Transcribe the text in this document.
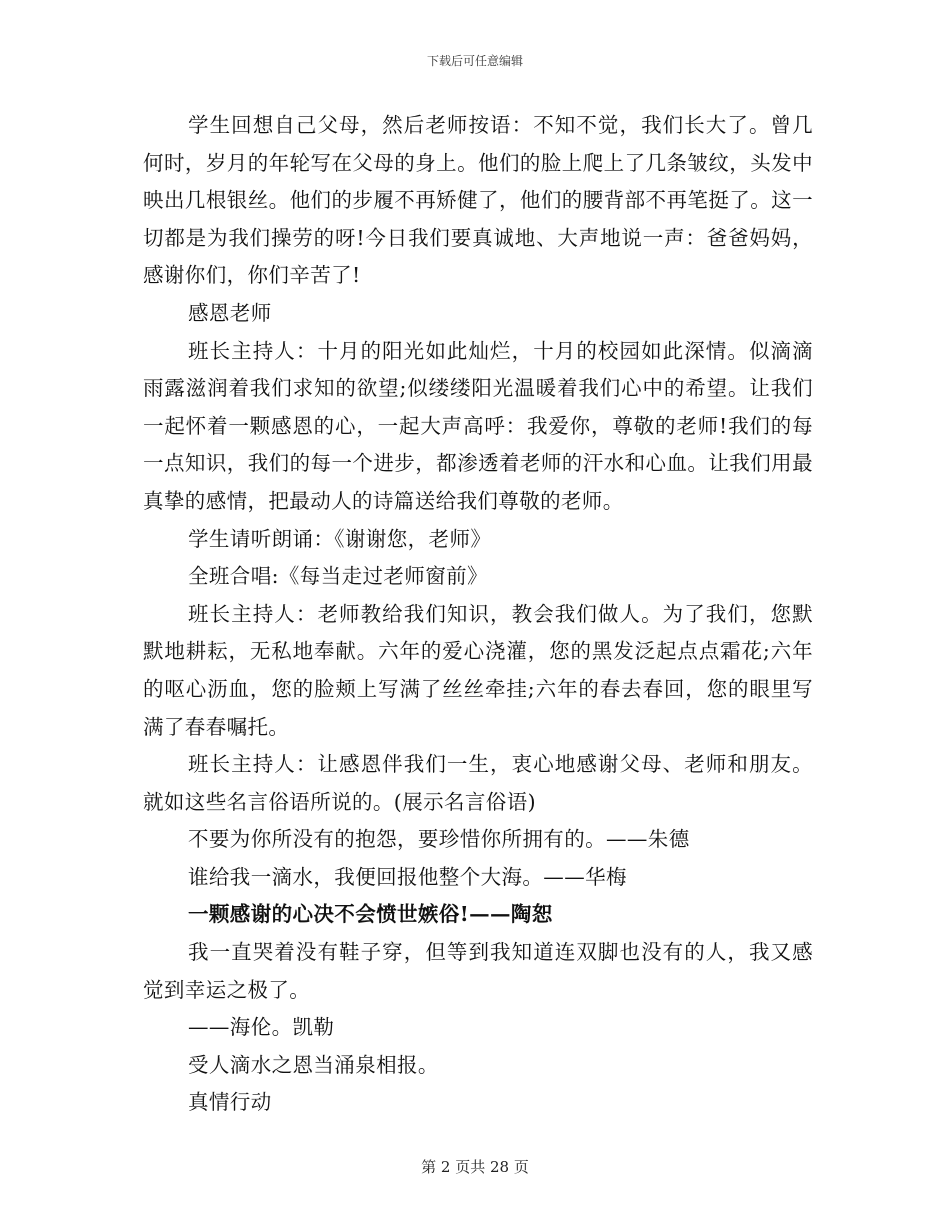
下载后可任意编辑

学生回想自己父母，然后老师按语：不知不觉，我们长大了。曾几何时，岁月的年轮写在父母的身上。他们的脸上爬上了几条皱纹，头发中映出几根银丝。他们的步履不再矫健了，他们的腰背部不再笔挺了。这一切都是为我们操劳的呀!今日我们要真诚地、大声地说一声：爸爸妈妈，感谢你们，你们辛苦了!

感恩老师

班长主持人：十月的阳光如此灿烂，十月的校园如此深情。似滴滴雨露滋润着我们求知的欲望;似缕缕阳光温暖着我们心中的希望。让我们一起怀着一颗感恩的心，一起大声高呼：我爱你，尊敬的老师!我们的每一点知识，我们的每一个进步，都渗透着老师的汗水和心血。让我们用最真挚的感情，把最动人的诗篇送给我们尊敬的老师。

学生请听朗诵：《谢谢您，老师》

全班合唱:《每当走过老师窗前》

班长主持人：老师教给我们知识，教会我们做人。为了我们，您默默地耕耘，无私地奉献。六年的爱心浇灌，您的黑发泛起点点霜花;六年的呕心沥血，您的脸颊上写满了丝丝牵挂;六年的春去春回，您的眼里写满了春春嘱托。

班长主持人：让感恩伴我们一生，衷心地感谢父母、老师和朋友。就如这些名言俗语所说的。(展示名言俗语)

不要为你所没有的抱怨，要珍惜你所拥有的。——朱德

谁给我一滴水，我便回报他整个大海。——华梅

一颗感谢的心决不会愤世嫉俗!——陶恕

我一直哭着没有鞋子穿，但等到我知道连双脚也没有的人，我又感觉到幸运之极了。

——海伦。凯勒

受人滴水之恩当涌泉相报。

真情行动

第 2 页共 28 页
